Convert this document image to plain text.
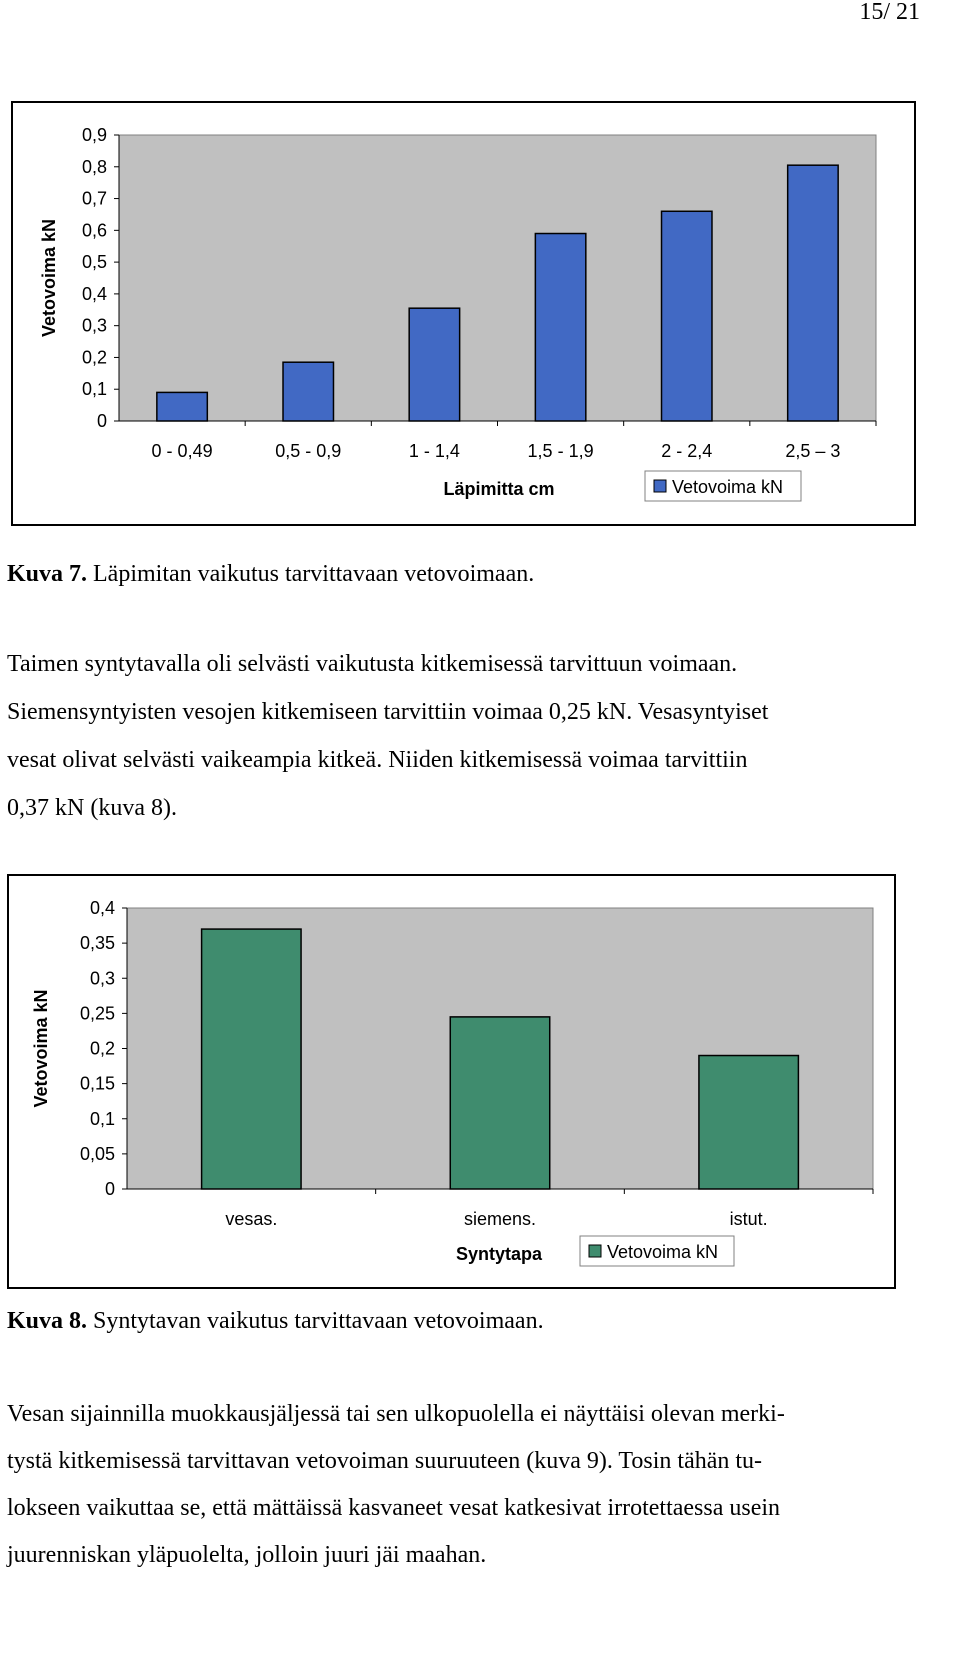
15/ 21
0
0,1
0,2
0,3
0,4
0,5
0,6
0,7
0,8
0,9
0 - 0,49	0,5 - 0,9	1 - 1,4	1,5 - 1,9	2 - 2,4	2,5 – 3
Vetovoima kN
Läpimitta cm	Vetovoima kN
Kuva 7. Läpimitan vaikutus tarvittavaan vetovoimaan.
Taimen syntytavalla oli selvästi vaikutusta kitkemisessä tarvittuun voimaan.
Siemensyntyisten vesojen kitkemiseen tarvittiin voimaa 0,25 kN. Vesasyntyiset
vesat olivat selvästi vaikeampia kitkeä. Niiden kitkemisessä voimaa tarvittiin
0,37 kN (kuva 8).
0
0,05
0,1
0,15
0,2
0,25
0,3
0,35
0,4
vesas.	siemens.	istut.
Vetovoima kN
Syntytapa	Vetovoima kN
Kuva 8. Syntytavan vaikutus tarvittavaan vetovoimaan.
Vesan sijainnilla muokkausjäljessä tai sen ulkopuolella ei näyttäisi olevan merki-
tystä kitkemisessä tarvittavan vetovoiman suuruuteen (kuva 9). Tosin tähän tu-
lokseen vaikuttaa se, että mättäissä kasvaneet vesat katkesivat irrotettaessa usein
juurenniskan yläpuolelta, jolloin juuri jäi maahan.
